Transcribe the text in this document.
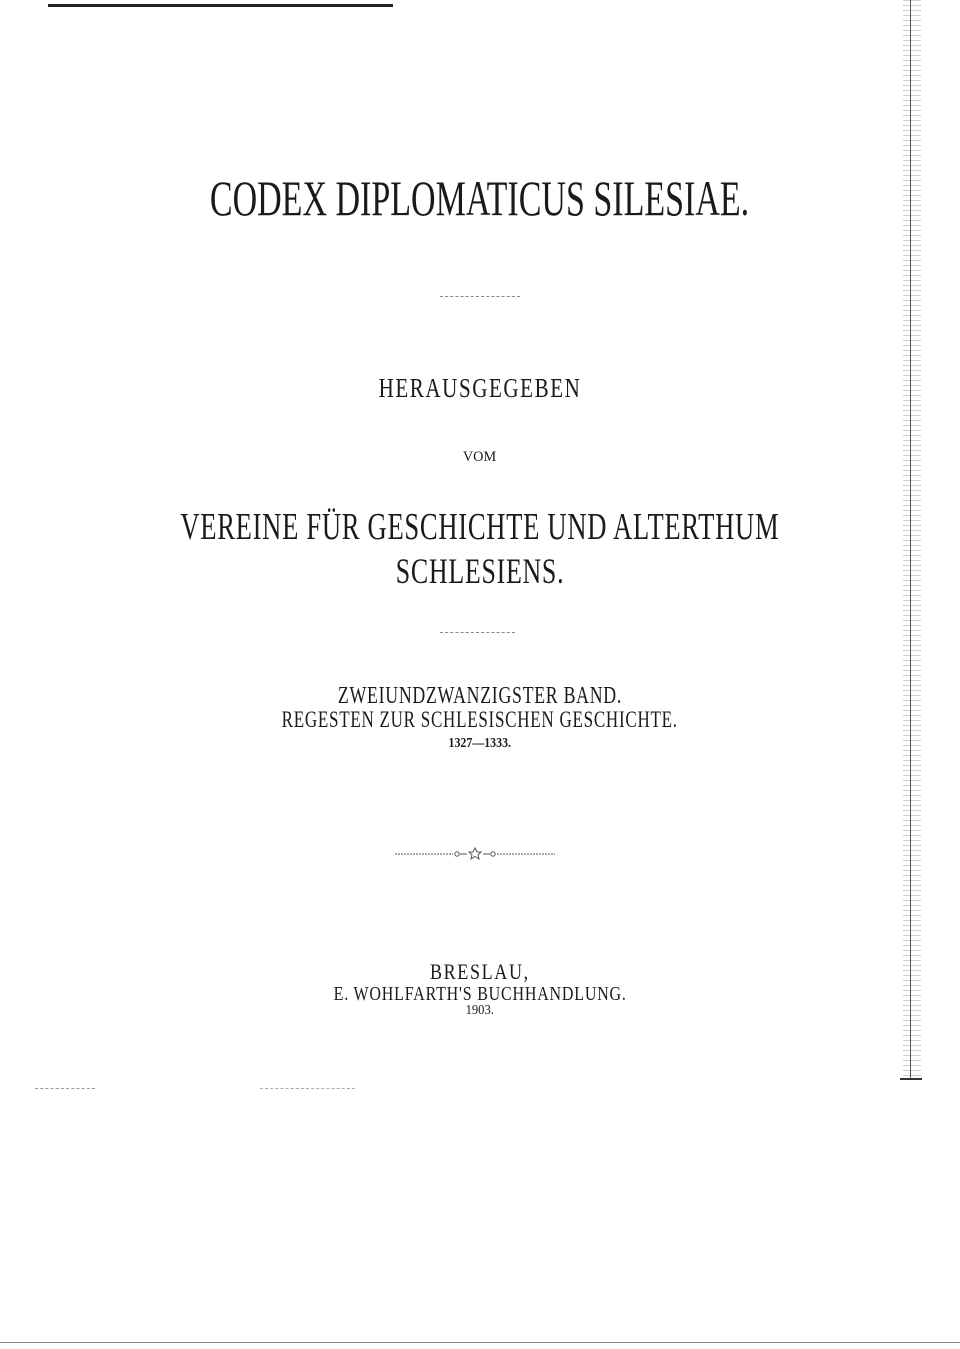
CODEX DIPLOMATICUS SILESIAE.
HERAUSGEGEBEN
VOM
VEREINE FÜR GESCHICHTE UND ALTERTHUM
SCHLESIENS.
ZWEIUNDZWANZIGSTER BAND.
REGESTEN ZUR SCHLESISCHEN GESCHICHTE.
1327—1333.
BRESLAU,
E. WOHLFARTH'S BUCHHANDLUNG.
1903.
